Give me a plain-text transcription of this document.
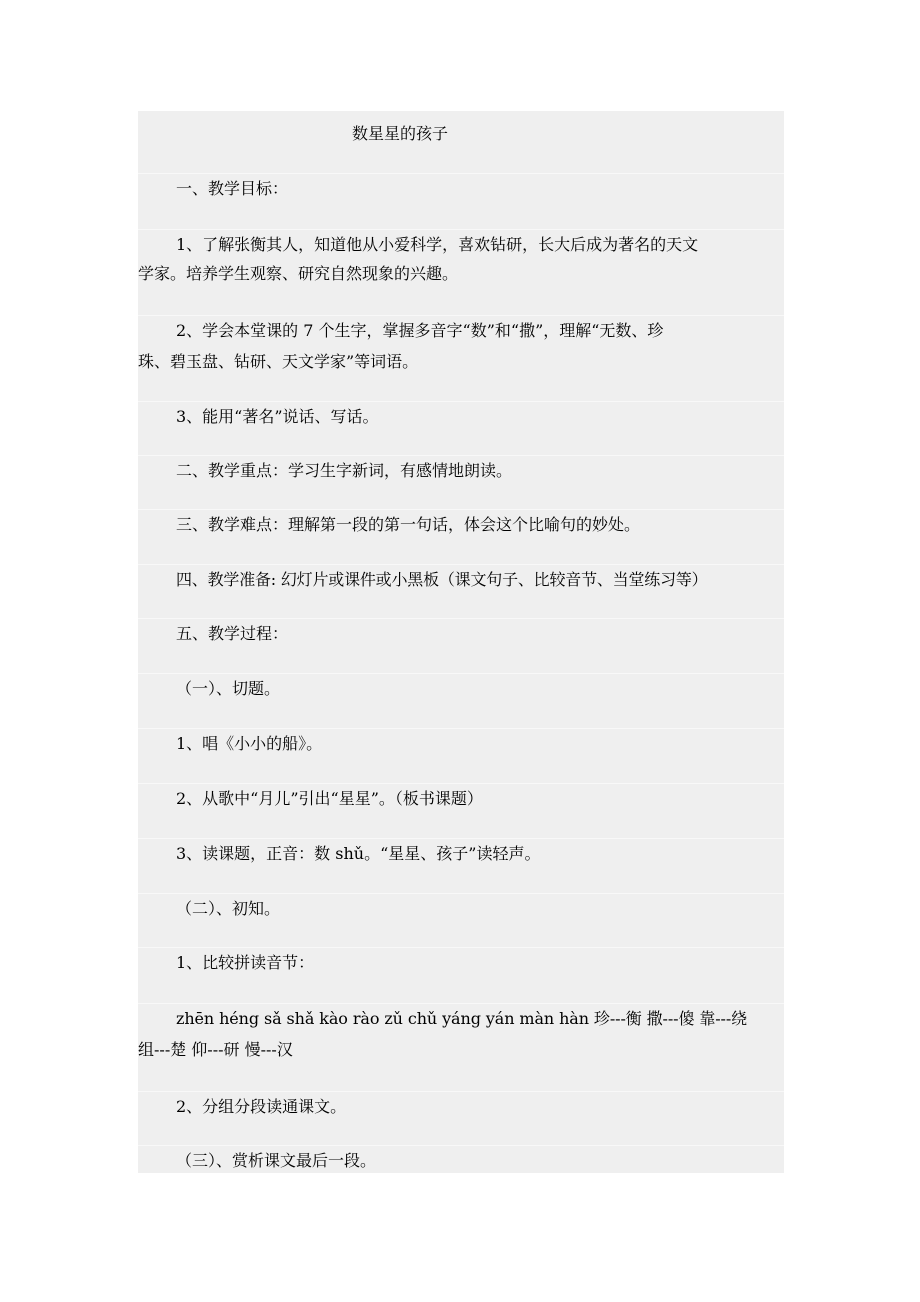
数星星的孩子
一、教学目标：
1、了解张衡其人，知道他从小爱科学，喜欢钻研，长大后成为著名的天文
学家。培养学生观察、研究自然现象的兴趣。
2、学会本堂课的 7 个生字，掌握多音字“数”和“撒”，理解“无数、珍
珠、碧玉盘、钻研、天文学家”等词语。
3、能用“著名”说话、写话。
二、教学重点：学习生字新词，有感情地朗读。
三、教学难点：理解第一段的第一句话，体会这个比喻句的妙处。
四、教学准备: 幻灯片或课件或小黑板（课文句子、比较音节、当堂练习等）
五、教学过程：
（一）、切题。
1、唱《小小的船》。
2、从歌中“月儿”引出“星星”。（板书课题）
3、读课题，正音：数 shǔ。“星星、孩子”读轻声。
（二）、初知。
1、比较拼读音节：
zhēn héng sǎ shǎ kào rào zǔ chǔ yáng yán màn hàn 珍---衡 撒---傻 靠---绕
组---楚 仰---研 慢---汉
2、分组分段读通课文。
（三）、赏析课文最后一段。
